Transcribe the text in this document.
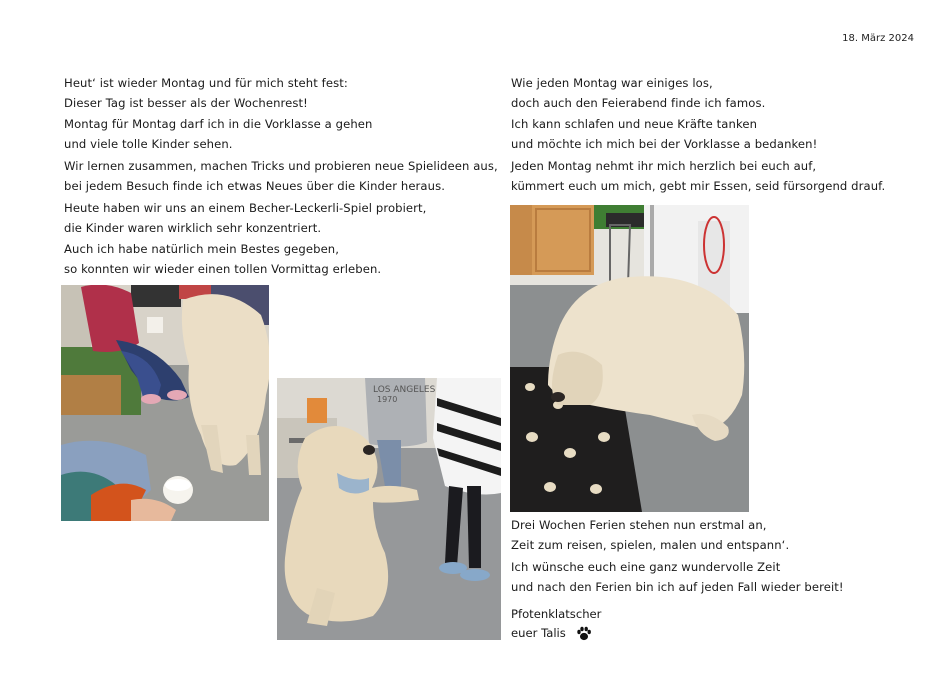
18. März 2024

Heut‘ ist wieder Montag und für mich steht fest:
Dieser Tag ist besser als der Wochenrest!

Montag für Montag darf ich in die Vorklasse a gehen
und viele tolle Kinder sehen.

Wir lernen zusammen, machen Tricks und probieren neue Spielideen aus,
bei jedem Besuch finde ich etwas Neues über die Kinder heraus.

Heute haben wir uns an einem Becher-Leckerli-Spiel probiert,
die Kinder waren wirklich sehr konzentriert.

Auch ich habe natürlich mein Bestes gegeben,
so konnten wir wieder einen tollen Vormittag erleben.

Wie jeden Montag war einiges los,
doch auch den Feierabend finde ich famos.

Ich kann schlafen und neue Kräfte tanken
und möchte ich mich bei der Vorklasse a bedanken!

Jeden Montag nehmt ihr mich herzlich bei euch auf,
kümmert euch um mich, gebt mir Essen, seid fürsorgend drauf.

LOS ANGELES
1970

Drei Wochen Ferien stehen nun erstmal an,
Zeit zum reisen, spielen, malen und entspann‘.

Ich wünsche euch eine ganz wundervolle Zeit
und nach den Ferien bin ich auf jeden Fall wieder bereit!

Pfotenklatscher
euer Talis
